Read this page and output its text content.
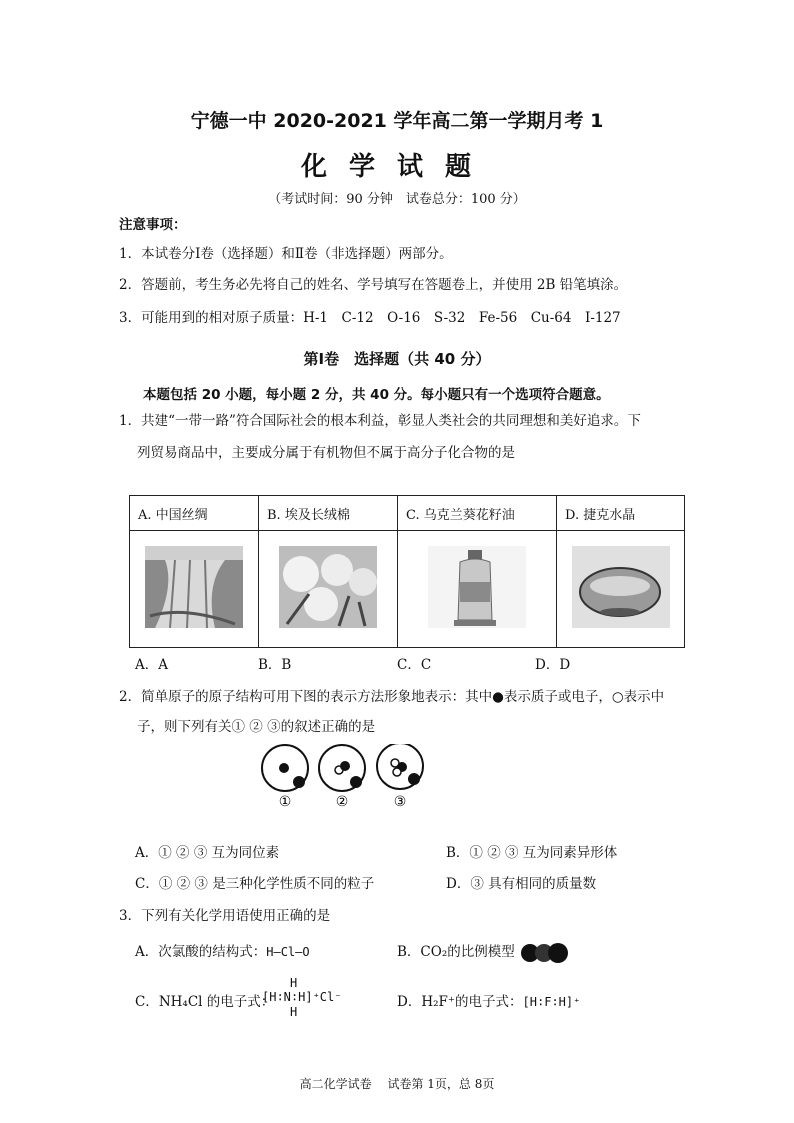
宁德一中 2020-2021 学年高二第一学期月考 1
化学试题
（考试时间：90 分钟　试卷总分：100 分）
注意事项：
1．本试卷分Ⅰ卷（选择题）和Ⅱ卷（非选择题）两部分。
2．答题前，考生务必先将自己的姓名、学号填写在答题卷上，并使用 2B 铅笔填涂。
3．可能用到的相对原子质量：H-1　C-12　O-16　S-32　Fe-56　Cu-64　I-127
第Ⅰ卷　选择题（共 40 分）
本题包括 20 小题，每小题 2 分，共 40 分。每小题只有一个选项符合题意。
1．共建“一带一路”符合国际社会的根本利益，彰显人类社会的共同理想和美好追求。下
列贸易商品中，主要成分属于有机物但不属于高分子化合物的是
A. 中国丝绸	B. 埃及长绒棉	C. 乌克兰葵花籽油	D. 捷克水晶

A．A	B．B	C．C	D．D
2．简单原子的原子结构可用下图的表示方法形象地表示：其中●表示质子或电子，○表示中
子，则下列有关① ② ③的叙述正确的是
①	②	③
A．① ② ③ 互为同位素	B．① ② ③ 互为同素异形体
C．① ② ③ 是三种化学性质不同的粒子	D．③ 具有相同的质量数
3．下列有关化学用语使用正确的是
A．次氯酸的结构式：H—Cl—O	B．CO₂的比例模型
C．NH₄Cl 的电子式：
H
[H∶N∶H]⁺Cl⁻
H
D．H₂F⁺的电子式：[H∶F∶H]⁺
高二化学试卷　 试卷第 1页，总 8页
